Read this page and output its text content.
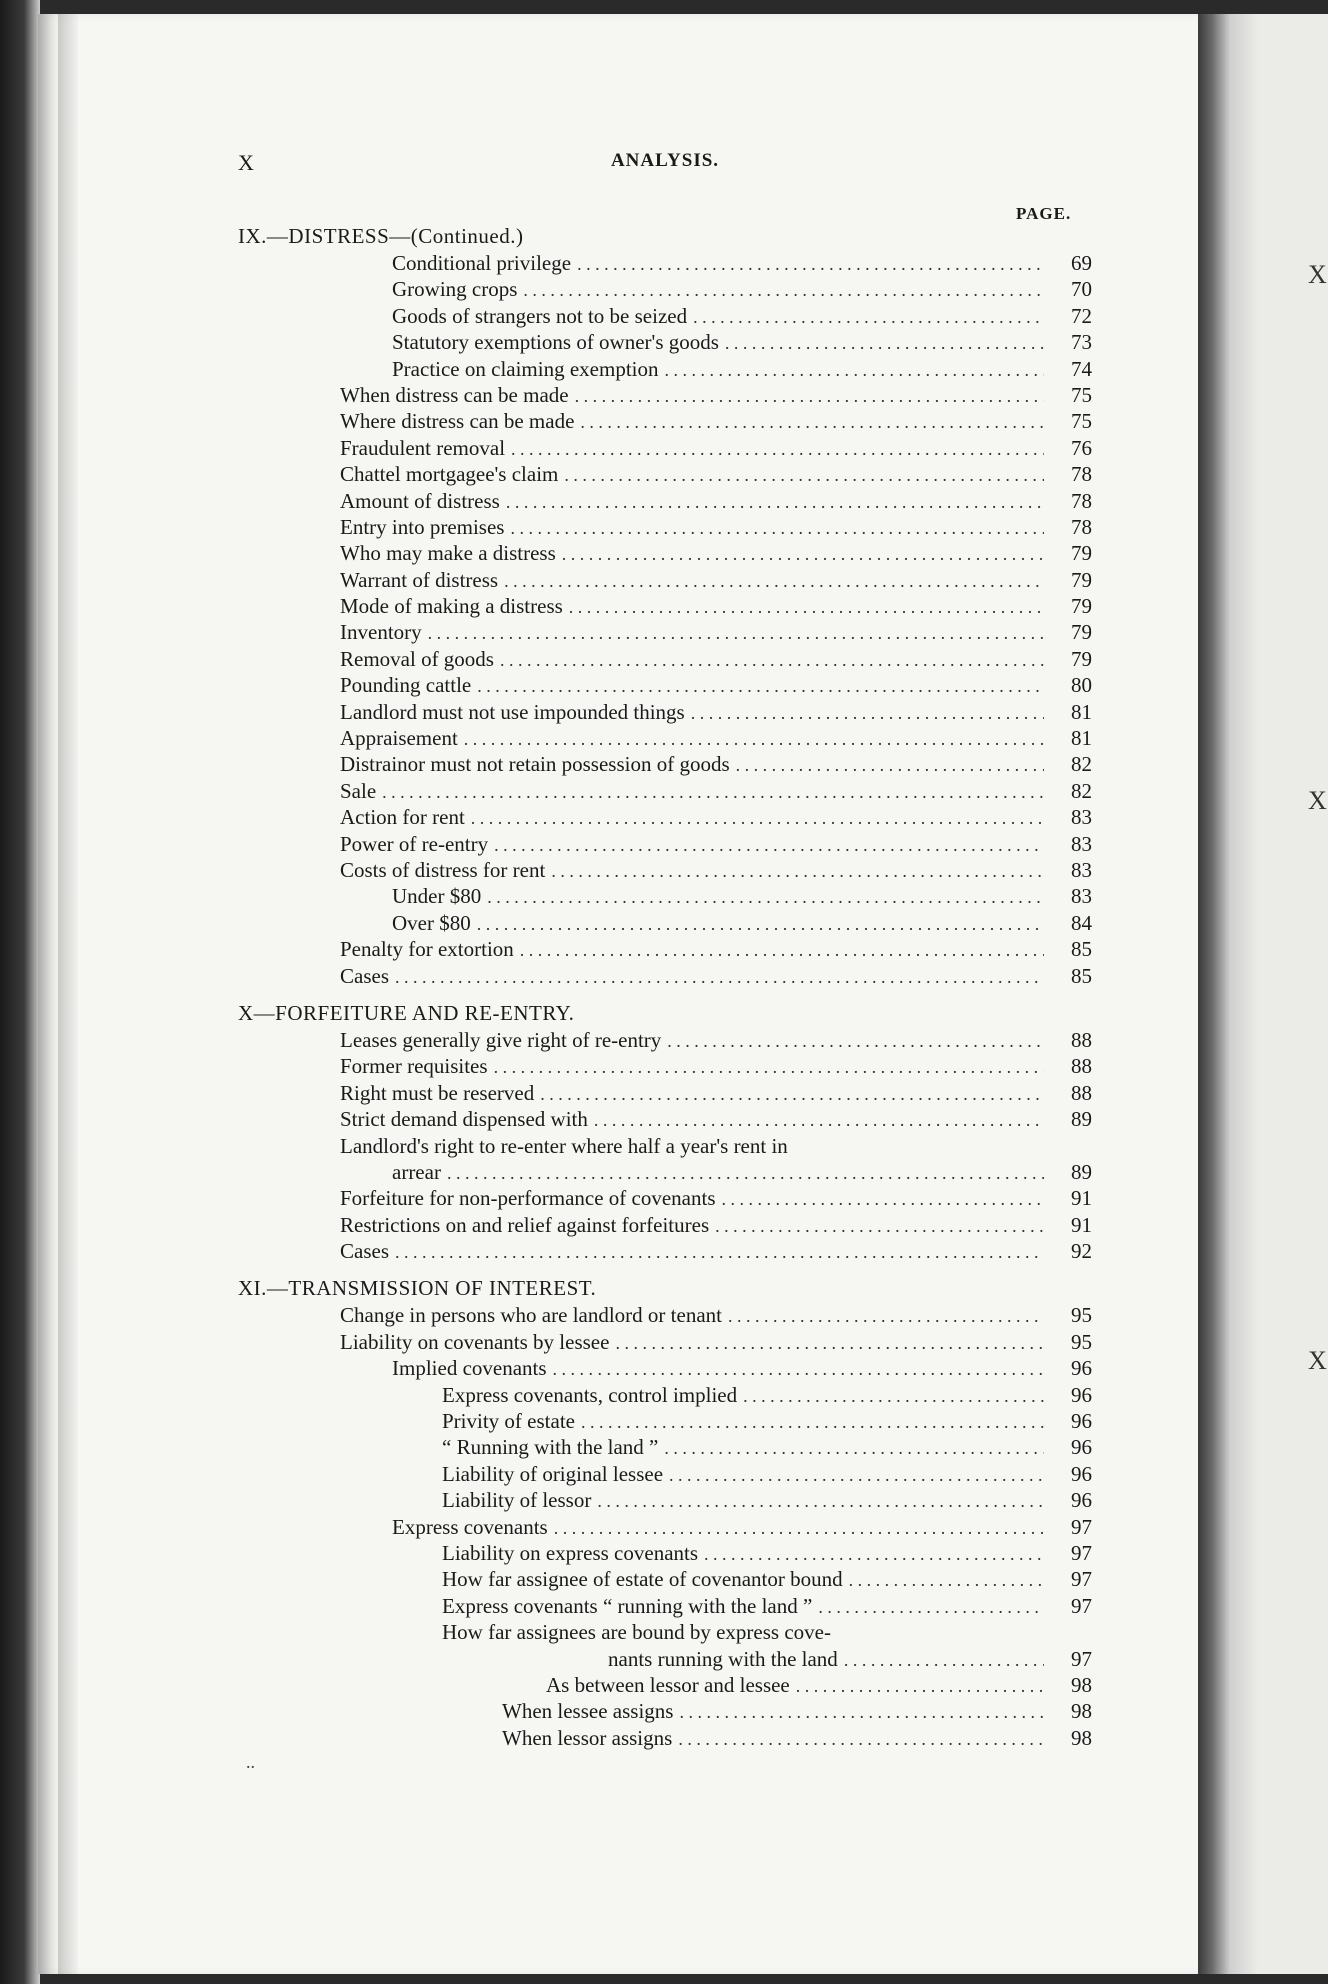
X
X
X
X	ANALYSIS.
PAGE.
IX.—DISTRESS—(Continued.)
Conditional privilege . . .	69
Growing crops . . .	70
Goods of strangers not to be seized . . .	72
Statutory exemptions of owner's goods . . .	73
Practice on claiming exemption . . .	74
When distress can be made . . .	75
Where distress can be made . . .	75
Fraudulent removal . . .	76
Chattel mortgagee's claim . . .	78
Amount of distress . . .	78
Entry into premises . . .	78
Who may make a distress . . .	79
Warrant of distress . . .	79
Mode of making a distress . . .	79
Inventory . . .	79
Removal of goods . . .	79
Pounding cattle . . .	80
Landlord must not use impounded things . . .	81
Appraisement . . .	81
Distrainor must not retain possession of goods . . .	82
Sale . . .	82
Action for rent . . .	83
Power of re-entry . . .	83
Costs of distress for rent . . .	83
Under $80 . . .	83
Over $80 . . .	84
Penalty for extortion . . .	85
Cases . . .	85
X—FORFEITURE AND RE-ENTRY.
Leases generally give right of re-entry . . .	88
Former requisites . . .	88
Right must be reserved . . .	88
Strict demand dispensed with . . .	89
Landlord's right to re-enter where half a year's rent in
arrear . . .	89
Forfeiture for non-performance of covenants . . .	91
Restrictions on and relief against forfeitures . . .	91
Cases . . .	92
XI.—TRANSMISSION OF INTEREST.
Change in persons who are landlord or tenant . . .	95
Liability on covenants by lessee . . .	95
Implied covenants . . .	96
Express covenants, control implied . . .	96
Privity of estate . . .	96
“ Running with the land ” . . .	96
Liability of original lessee . . .	96
Liability of lessor . . .	96
Express covenants . . .	97
Liability on express covenants . . .	97
How far assignee of estate of covenantor bound . . .	97
Express covenants “ running with the land ” . . .	97
How far assignees are bound by express cove-
nants running with the land . . .	97
As between lessor and lessee . . .	98
When lessee assigns . . .	98
When lessor assigns . . .	98
..
